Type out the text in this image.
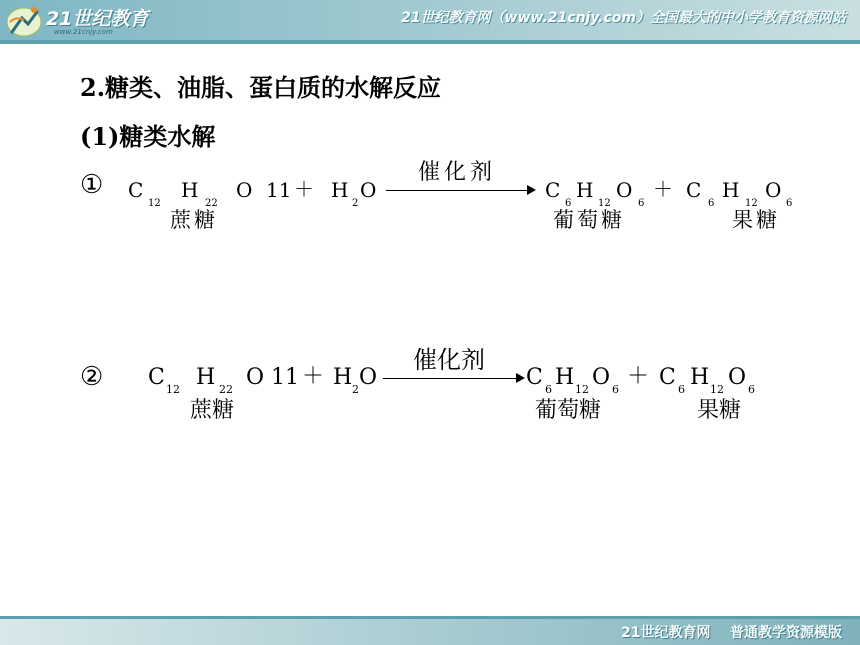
21世纪教育
www.21cnjy.com
21世纪教育网（www.21cnjy.com）全国最大的中小学教育资源网站
2.糖类、油脂、蛋白质的水解反应
(1)糖类水解
① C
12
H
22
O 11 ＋ H
2
O	C
6
H
12
O
6
＋ C
6
H
12
O
6
蔗糖	葡萄糖	果糖
催化剂
② C 12 H 22 O 11 ＋ H 2 O	C 6 H 12 O 6
＋ C 6 H 12 O 6
蔗糖	葡萄糖	果糖
催化剂
21世纪教育网 普通教学资源模版
